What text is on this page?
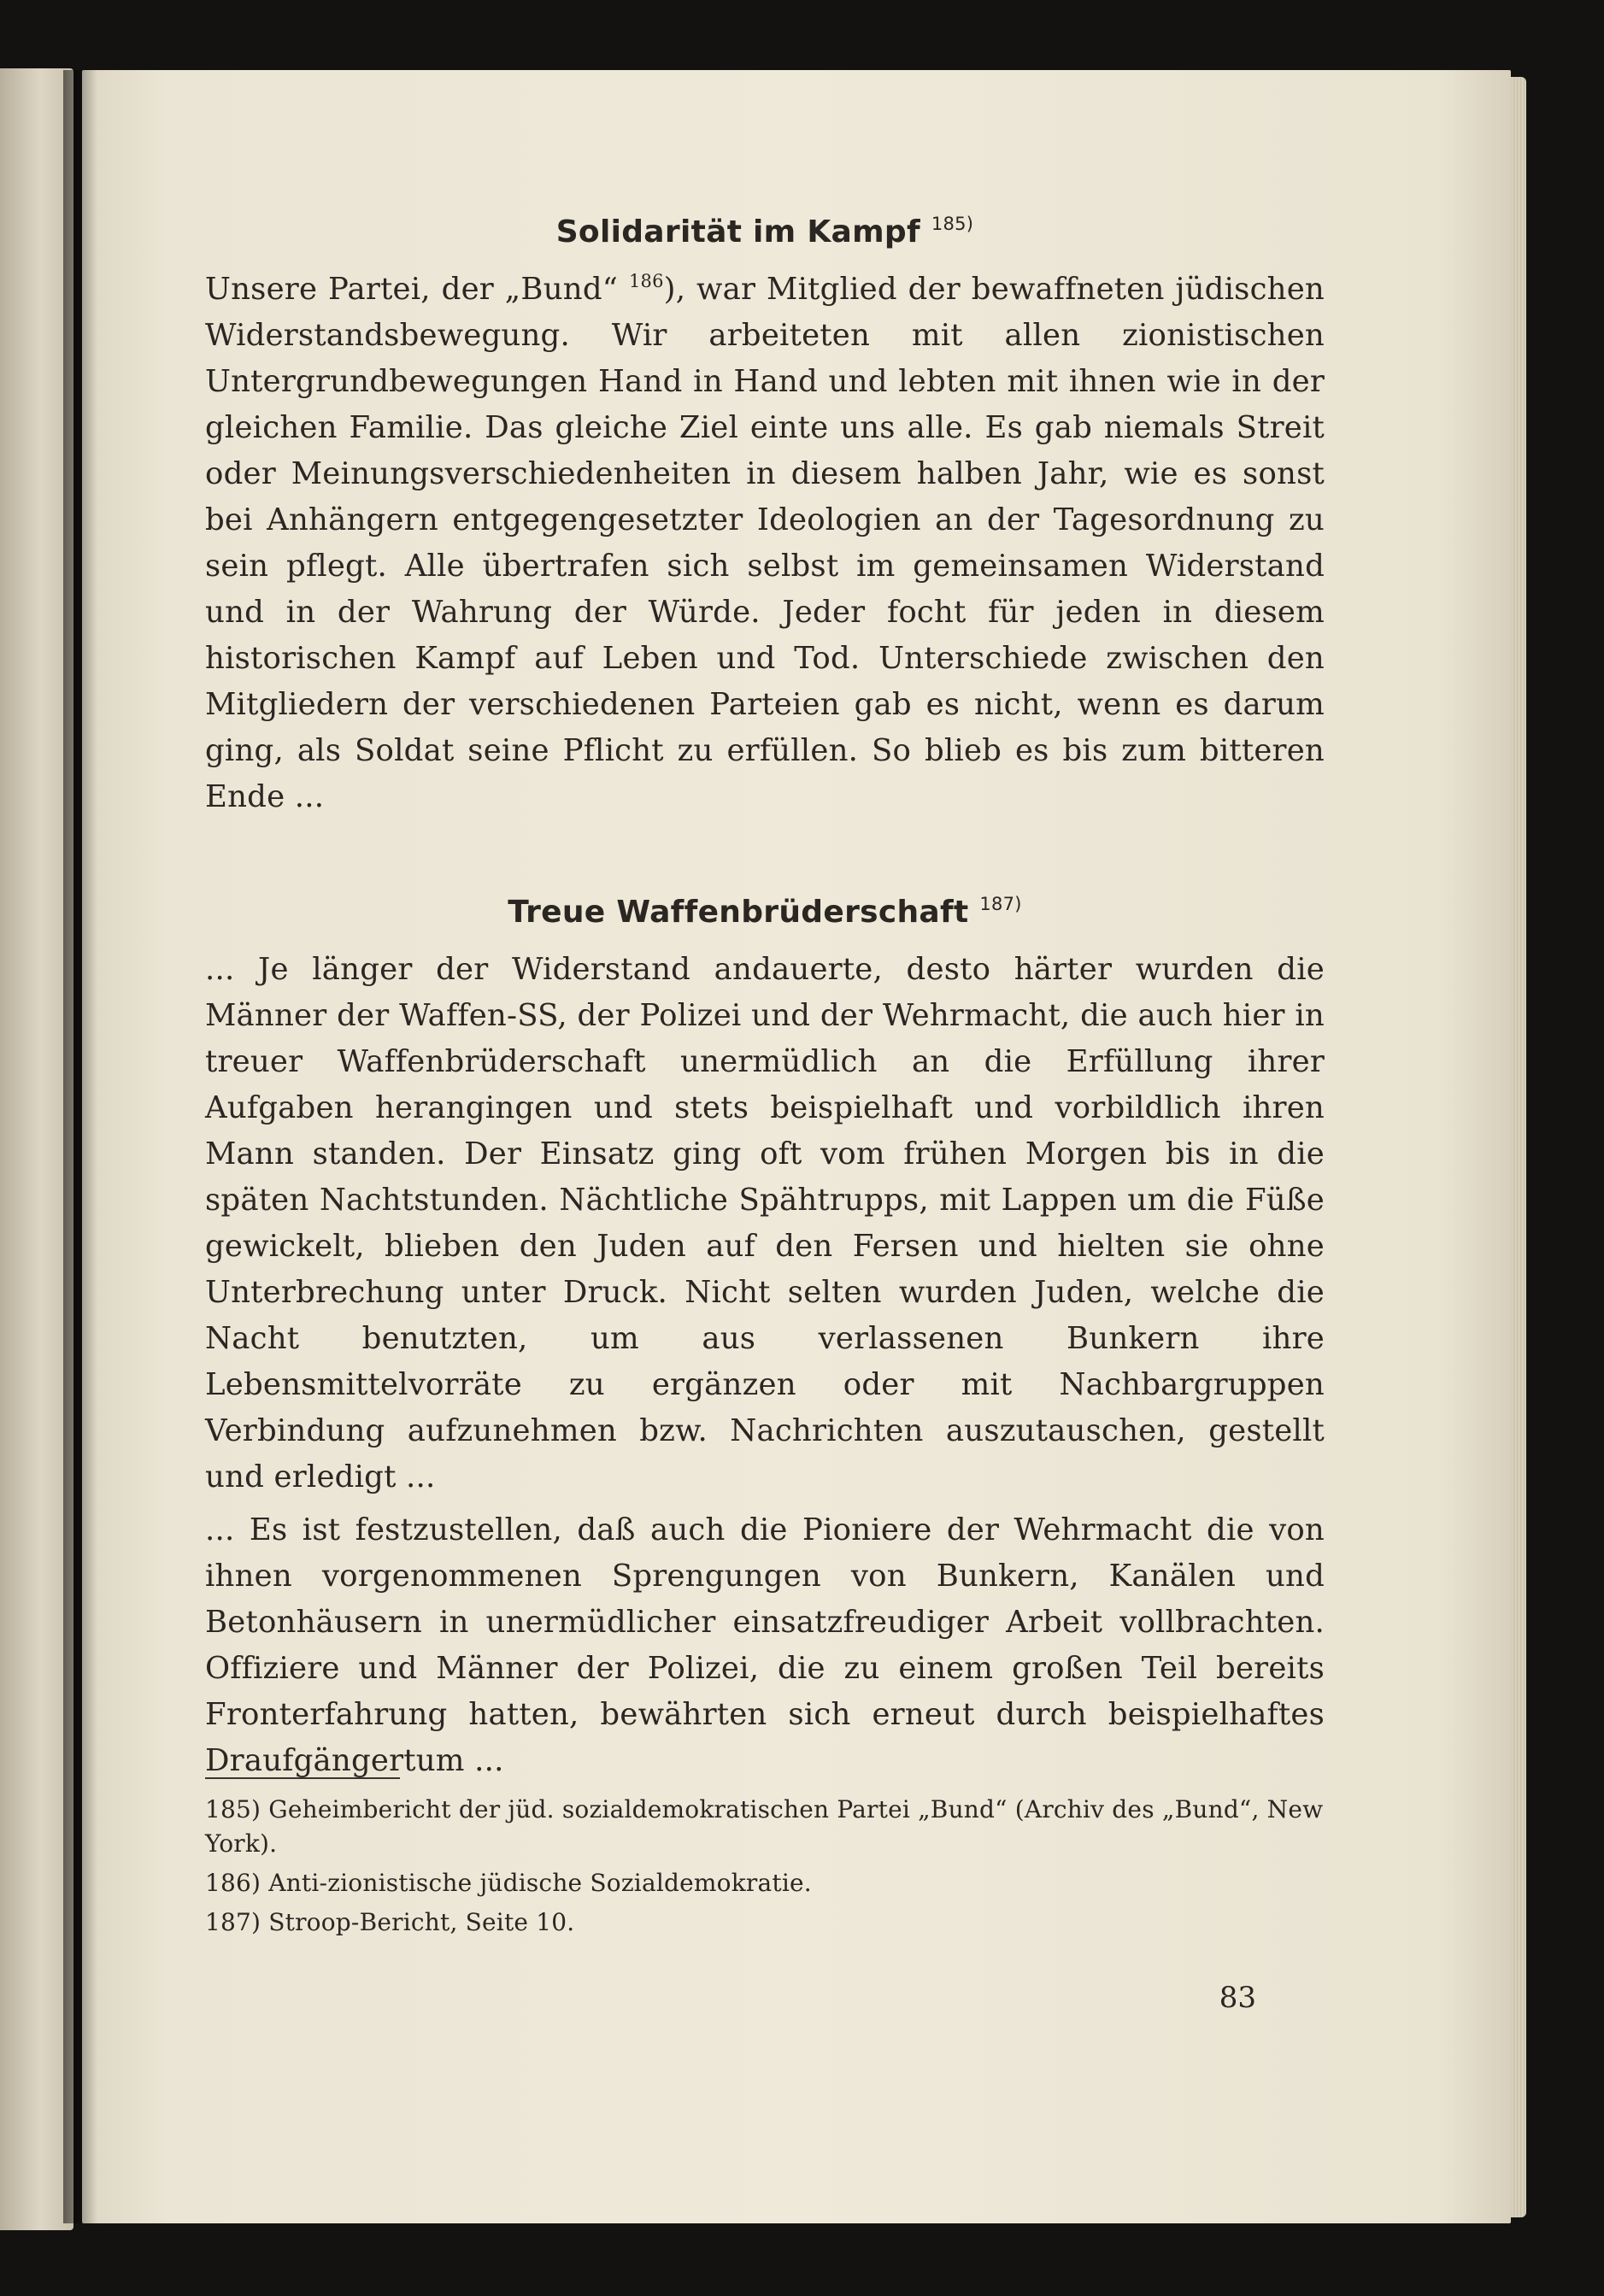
Solidarität im Kampf $^{185)}$

Unsere Partei, der „Bund“ $^{186}$), war Mitglied der bewaffneten jüdischen Widerstandsbewegung. Wir arbeiteten mit allen zionistischen Untergrundbewegungen Hand in Hand und lebten mit ihnen wie in der gleichen Familie. Das gleiche Ziel einte uns alle. Es gab niemals Streit oder Meinungsverschiedenheiten in diesem halben Jahr, wie es sonst bei Anhängern entgegengesetzter Ideologien an der Tagesordnung zu sein pflegt. Alle übertrafen sich selbst im gemeinsamen Widerstand und in der Wahrung der Würde. Jeder focht für jeden in diesem historischen Kampf auf Leben und Tod. Unterschiede zwischen den Mitgliedern der verschiedenen Parteien gab es nicht, wenn es darum ging, als Soldat seine Pflicht zu erfüllen. So blieb es bis zum bitteren Ende ...

Treue Waffenbrüderschaft $^{187)}$

... Je länger der Widerstand andauerte, desto härter wurden die Männer der Waffen-SS, der Polizei und der Wehrmacht, die auch hier in treuer Waffenbrüderschaft unermüdlich an die Erfüllung ihrer Aufgaben herangingen und stets beispielhaft und vorbildlich ihren Mann standen. Der Einsatz ging oft vom frühen Morgen bis in die späten Nachtstunden. Nächtliche Spähtrupps, mit Lappen um die Füße gewickelt, blieben den Juden auf den Fersen und hielten sie ohne Unterbrechung unter Druck. Nicht selten wurden Juden, welche die Nacht benutzten, um aus verlassenen Bunkern ihre Lebensmittelvorräte zu ergänzen oder mit Nachbargruppen Verbindung aufzunehmen bzw. Nachrichten auszutauschen, gestellt und erledigt ...

... Es ist festzustellen, daß auch die Pioniere der Wehrmacht die von ihnen vorgenommenen Sprengungen von Bunkern, Kanälen und Betonhäusern in unermüdlicher einsatzfreudiger Arbeit vollbrachten. Offiziere und Männer der Polizei, die zu einem großen Teil bereits Fronterfahrung hatten, bewährten sich erneut durch beispielhaftes Draufgängertum ...

185) Geheimbericht der jüd. sozialdemokratischen Partei „Bund“ (Archiv des „Bund“, New York).

186) Anti-zionistische jüdische Sozialdemokratie.

187) Stroop-Bericht, Seite 10.

83
